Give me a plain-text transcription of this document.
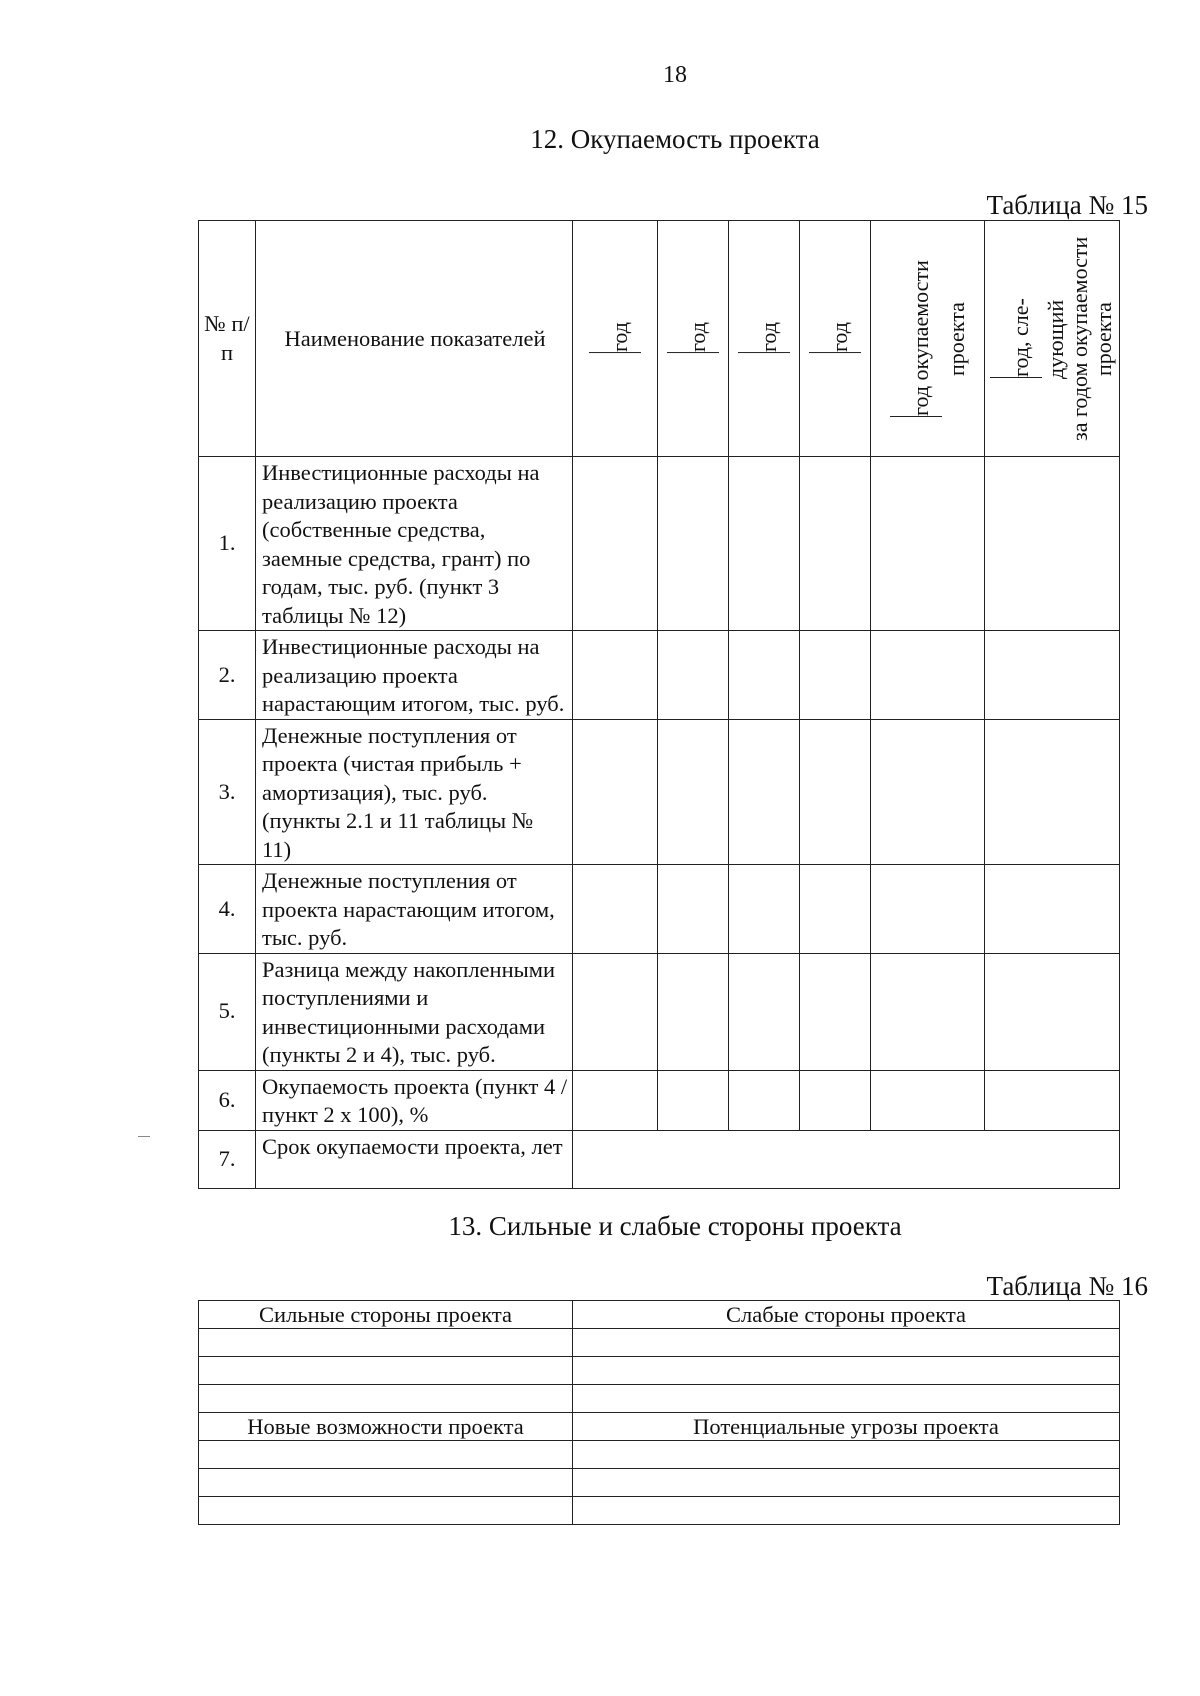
18
12. Окупаемость проекта
Таблица № 15
№ п/п	Наименование показателей	год	год	год	год	год окупаемости проекта	год, сле- дующий
за годом окупаемости
проекта

1.	Инвестиционные расходы на реализацию проекта (собственные средства, заемные средства, грант) по годам, тыс. руб. (пункт 3 таблицы № 12)						
2.	Инвестиционные расходы на реализацию проекта нарастающим итогом, тыс. руб.						
3.	Денежные поступления от проекта (чистая прибыль + амортизация), тыс. руб. (пункты 2.1 и 11 таблицы № 11)						
4.	Денежные поступления от проекта нарастающим итогом, тыс. руб.						
5.	Разница между накопленными поступлениями и инвестиционными расходами (пункты 2 и 4), тыс. руб.						
6.	Окупаемость проекта (пункт 4 / пункт 2 х 100), %						
7.	Срок окупаемости проекта, лет						
13. Сильные и слабые стороны проекта
Таблица № 16
Сильные стороны проекта	Слабые стороны проекта

Новые возможности проекта	Потенциальные угрозы проекта
